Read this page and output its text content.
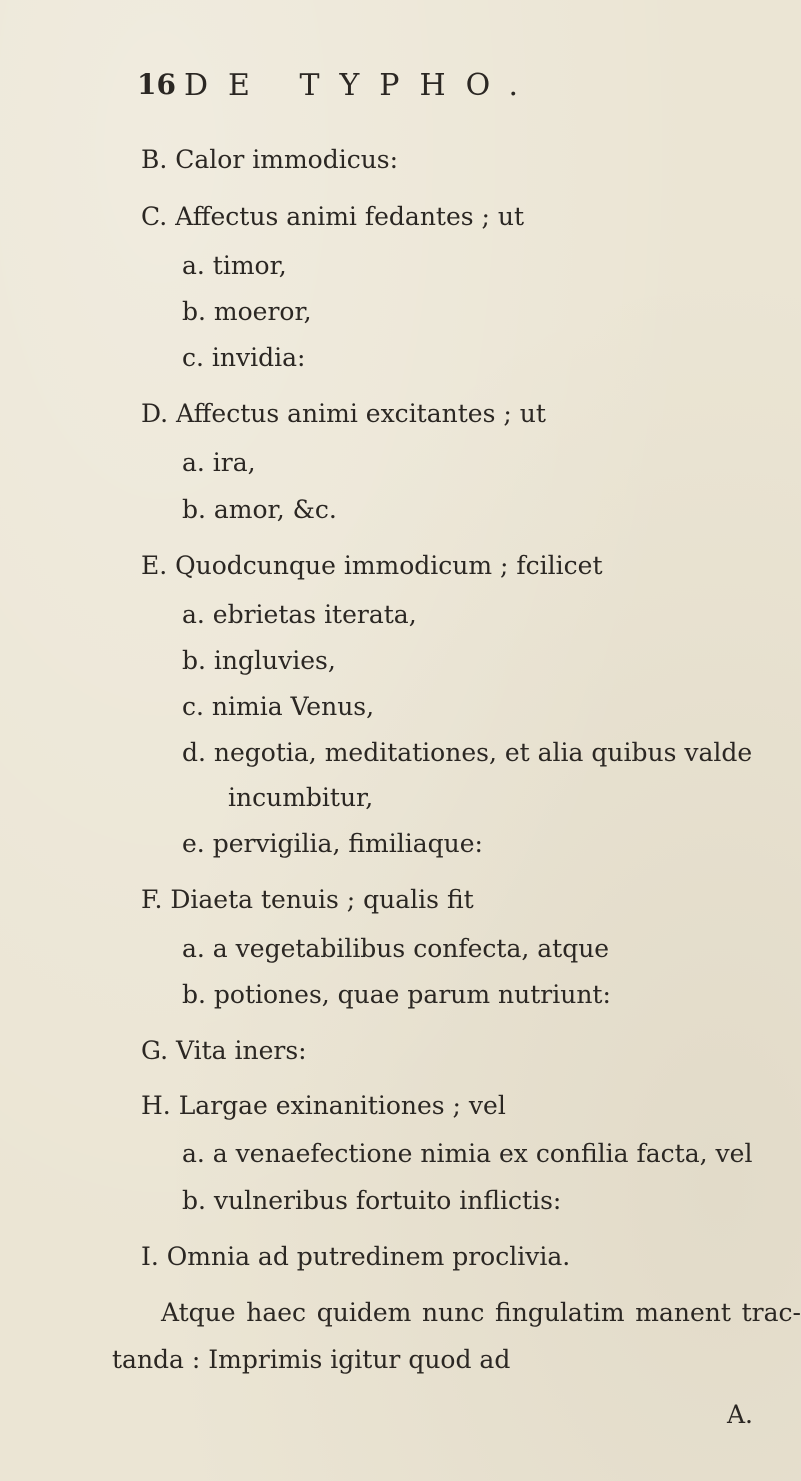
16 DE TYPHO.
B. Calor immodicus:
C. Affectus animi fedantes ; ut
a. timor,
b. moeror,
c. invidia:
D. Affectus animi excitantes ; ut
a. ira,
b. amor, &c.
E. Quodcunque immodicum ; fcilicet
a. ebrietas iterata,
b. ingluvies,
c. nimia Venus,
d. negotia, meditationes, et alia quibus valde
incumbitur,
e. pervigilia, fimiliaque:
F. Diaeta tenuis ; qualis fit
a. a vegetabilibus confecta, atque
b. potiones, quae parum nutriunt:
G. Vita iners:
H. Largae exinanitiones ; vel
a. a venaefectione nimia ex confilia facta, vel
b. vulneribus fortuito inflictis:
I. Omnia ad putredinem proclivia.
Atque haec quidem nunc fingulatim manent trac-
tanda : Imprimis igitur quod ad
A.
